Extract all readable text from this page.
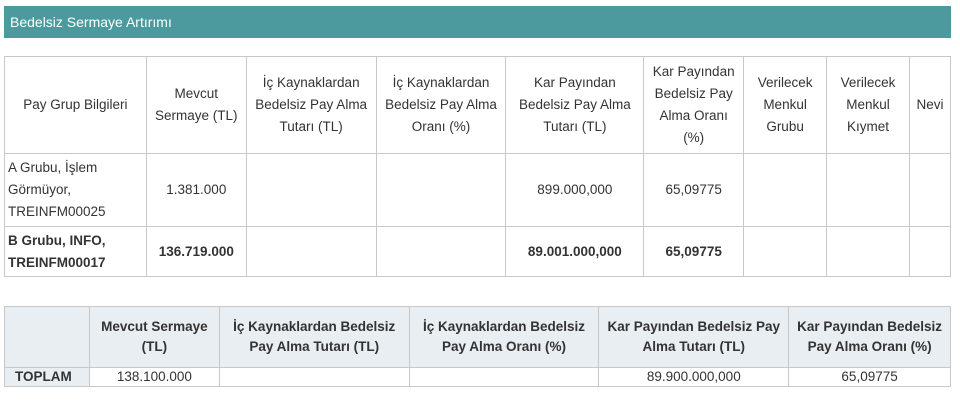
Bedelsiz Sermaye Artırımı
Pay Grup Bilgileri	Mevcut Sermaye (TL)	İç Kaynaklardan Bedelsiz Pay Alma Tutarı (TL)	İç Kaynaklardan Bedelsiz Pay Alma Oranı (%)	Kar Payından Bedelsiz Pay Alma Tutarı (TL)	Kar Payından Bedelsiz Pay Alma Oranı (%)	Verilecek Menkul Grubu	Verilecek Menkul Kıymet	Nevi
A Grubu, İşlem Görmüyor, TREINFM00025	1.381.000			899.000,000	65,09775			
B Grubu, INFO, TREINFM00017	136.719.000			89.001.000,000	65,09775			
	Mevcut Sermaye (TL)	İç Kaynaklardan Bedelsiz Pay Alma Tutarı (TL)	İç Kaynaklardan Bedelsiz Pay Alma Oranı (%)	Kar Payından Bedelsiz Pay Alma Tutarı (TL)	Kar Payından Bedelsiz Pay Alma Oranı (%)
TOPLAM	138.100.000			89.900.000,000	65,09775
